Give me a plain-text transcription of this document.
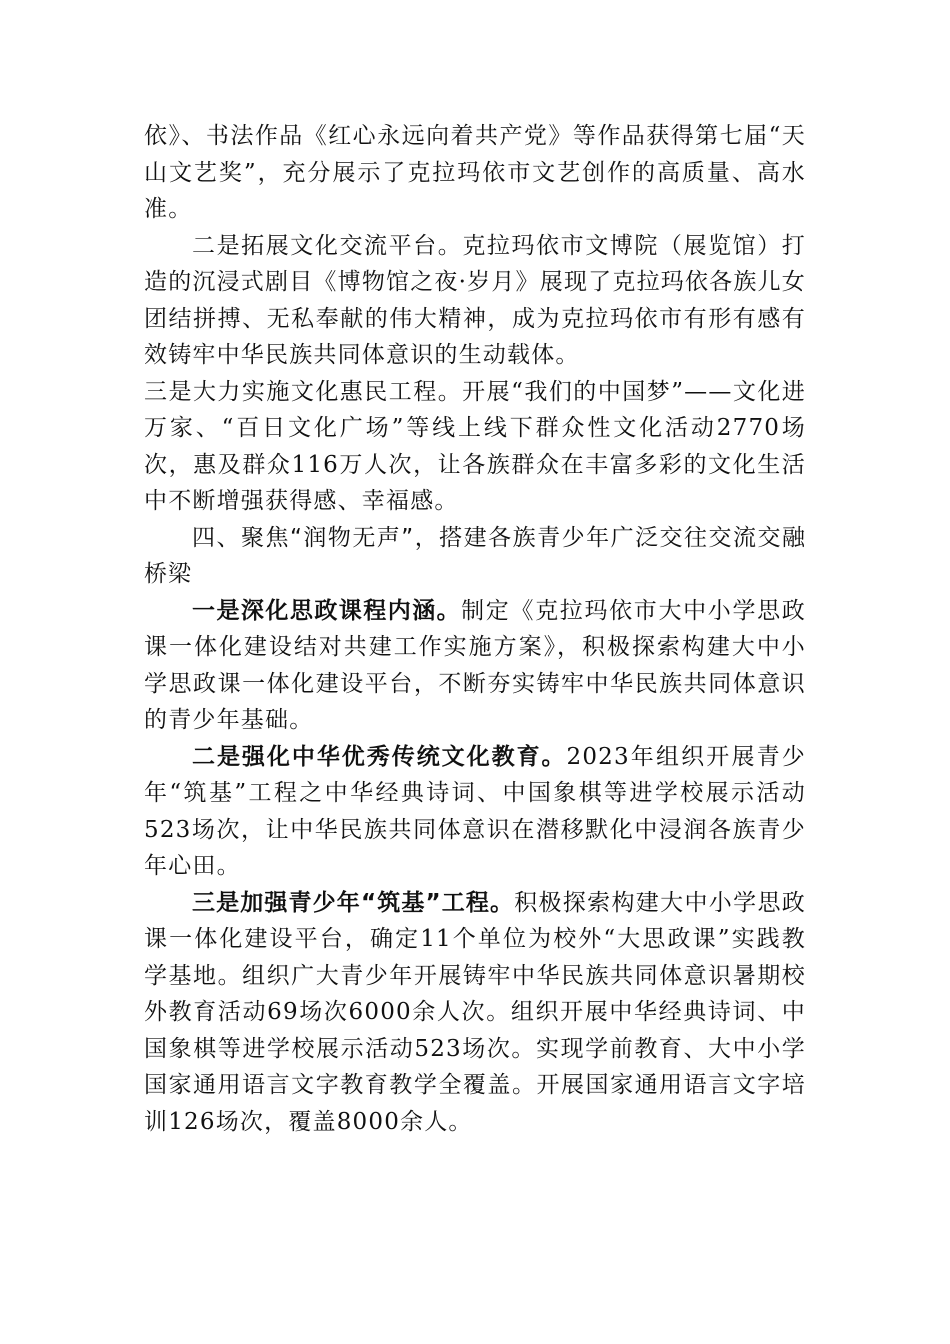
依》、书法作品《红心永远向着共产党》等作品获得第七届“天山文艺奖”，充分展示了克拉玛依市文艺创作的高质量、高水准。

二是拓展文化交流平台。克拉玛依市文博院（展览馆）打造的沉浸式剧目《博物馆之夜·岁月》展现了克拉玛依各族儿女团结拼搏、无私奉献的伟大精神，成为克拉玛依市有形有感有效铸牢中华民族共同体意识的生动载体。

三是大力实施文化惠民工程。开展“我们的中国梦”——文化进万家、“百日文化广场”等线上线下群众性文化活动2770场次，惠及群众116万人次，让各族群众在丰富多彩的文化生活中不断增强获得感、幸福感。

四、聚焦“润物无声”，搭建各族青少年广泛交往交流交融桥梁

一是深化思政课程内涵。制定《克拉玛依市大中小学思政课一体化建设结对共建工作实施方案》，积极探索构建大中小学思政课一体化建设平台，不断夯实铸牢中华民族共同体意识的青少年基础。

二是强化中华优秀传统文化教育。2023年组织开展青少年“筑基”工程之中华经典诗词、中国象棋等进学校展示活动523场次，让中华民族共同体意识在潜移默化中浸润各族青少年心田。

三是加强青少年“筑基”工程。积极探索构建大中小学思政课一体化建设平台，确定11个单位为校外“大思政课”实践教学基地。组织广大青少年开展铸牢中华民族共同体意识暑期校外教育活动69场次6000余人次。组织开展中华经典诗词、中国象棋等进学校展示活动523场次。实现学前教育、大中小学国家通用语言文字教育教学全覆盖。开展国家通用语言文字培训126场次，覆盖8000余人。
